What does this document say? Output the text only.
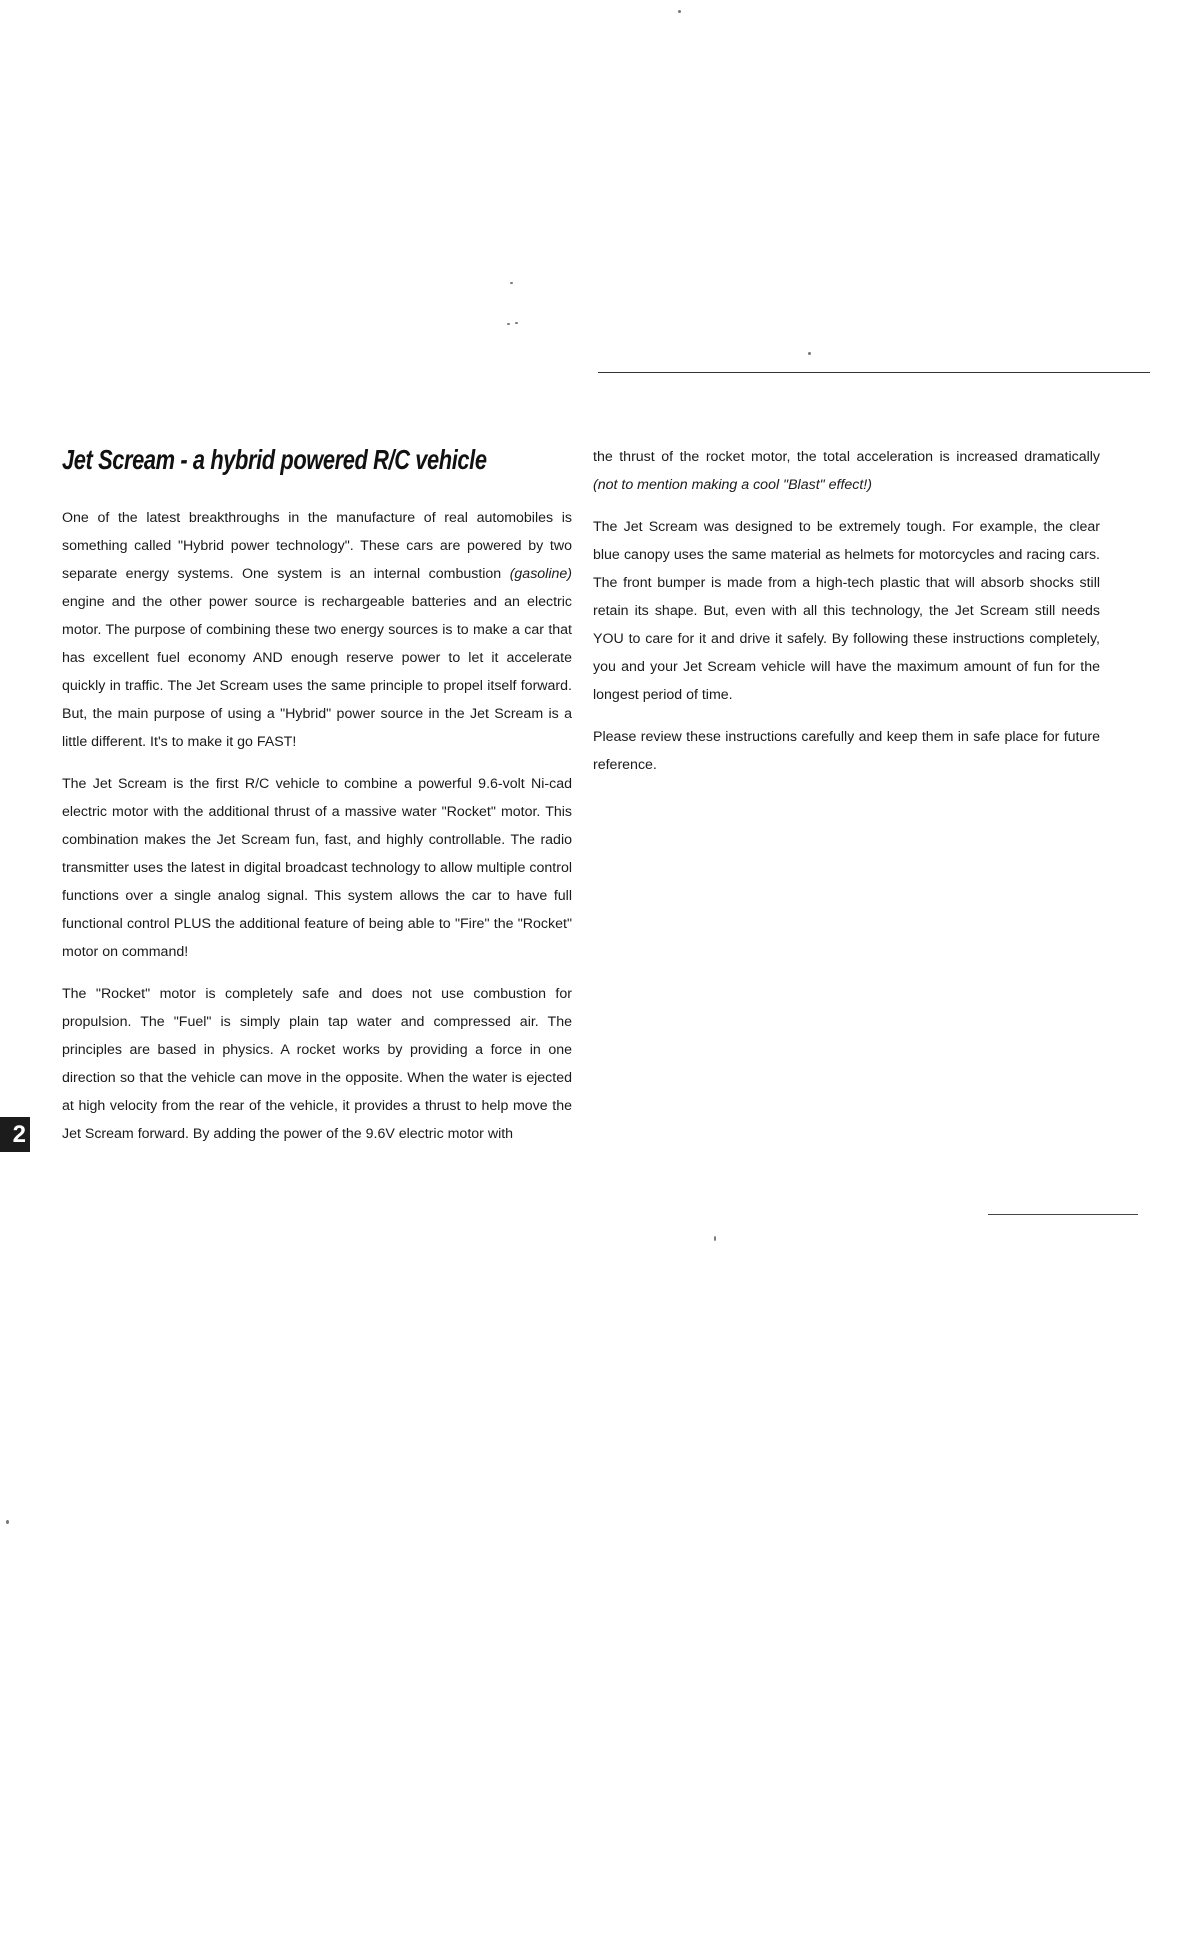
Jet Scream - a hybrid powered R/C vehicle

One of the latest breakthroughs in the manufacture of real automobiles is something called "Hybrid power technology". These cars are powered by two separate energy systems. One system is an internal combustion (gasoline) engine and the other power source is rechargeable batteries and an electric motor. The purpose of combining these two energy sources is to make a car that has excellent fuel economy AND enough reserve power to let it accelerate quickly in traffic. The Jet Scream uses the same principle to propel itself forward. But, the main purpose of using a "Hybrid" power source in the Jet Scream is a little different. It's to make it go FAST!

The Jet Scream is the first R/C vehicle to combine a powerful 9.6-volt Ni-cad electric motor with the additional thrust of a massive water "Rocket" motor. This combination makes the Jet Scream fun, fast, and highly controllable. The radio transmitter uses the latest in digital broadcast technology to allow multiple control functions over a single analog signal. This system allows the car to have full functional control PLUS the additional feature of being able to "Fire" the "Rocket" motor on command!

The "Rocket" motor is completely safe and does not use combustion for propulsion. The "Fuel" is simply plain tap water and compressed air. The principles are based in physics. A rocket works by providing a force in one direction so that the vehicle can move in the opposite. When the water is ejected at high velocity from the rear of the vehicle, it provides a thrust to help move the Jet Scream forward. By adding the power of the 9.6V electric motor with

the thrust of the rocket motor, the total acceleration is increased dramatically (not to mention making a cool "Blast" effect!)

The Jet Scream was designed to be extremely tough. For example, the clear blue canopy uses the same material as helmets for motorcycles and racing cars. The front bumper is made from a high-tech plastic that will absorb shocks still retain its shape. But, even with all this technology, the Jet Scream still needs YOU to care for it and drive it safely. By following these instructions completely, you and your Jet Scream vehicle will have the maximum amount of fun for the longest period of time.

Please review these instructions carefully and keep them in safe place for future reference.

2
